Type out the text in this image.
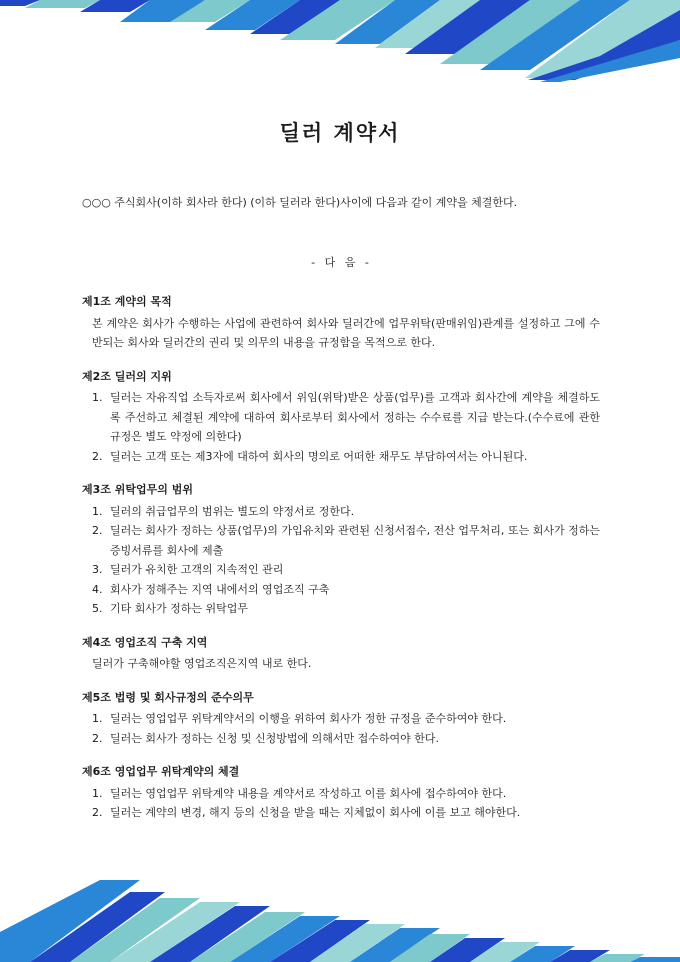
딜러 계약서

○○○ 주식회사(이하 회사라 한다) (이하 딜러라 한다)사이에 다음과 같이 계약을 체결한다.

- 다 음 -

제1조 계약의 목적

본 계약은 회사가 수행하는 사업에 관련하여 회사와 딜러간에 업무위탁(판매위임)관계를 설정하고 그에 수반되는 회사와 딜러간의 권리 및 의무의 내용을 규정함을 목적으로 한다.

제2조 딜러의 지위
1. 딜러는 자유직업 소득자로써 회사에서 위임(위탁)받은 상품(업무)를 고객과 회사간에 계약을 체결하도록 주선하고 체결된 계약에 대하여 회사로부터 회사에서 정하는 수수료를 지급 받는다.(수수료에 관한 규정은 별도 약정에 의한다)
2. 딜러는 고객 또는 제3자에 대하여 회사의 명의로 어떠한 채무도 부담하여서는 아니된다.
제3조 위탁업무의 범위
1. 딜러의 취급업무의 범위는 별도의 약정서로 정한다.
2. 딜러는 회사가 정하는 상품(업무)의 가입유치와 관련된 신청서접수, 전산 업무처리, 또는 회사가 정하는 증빙서류를 회사에 제출
3. 딜러가 유치한 고객의 지속적인 관리
4. 회사가 정해주는 지역 내에서의 영업조직 구축
5. 기타 회사가 정하는 위탁업무
제4조 영업조직 구축 지역

딜러가 구축해야할 영업조직은지역 내로 한다.

제5조 법령 및 회사규정의 준수의무
1. 딜러는 영업업무 위탁계약서의 이행을 위하여 회사가 정한 규정을 준수하여야 한다.
2. 딜러는 회사가 정하는 신청 및 신청방법에 의해서만 접수하여야 한다.
제6조 영업업무 위탁계약의 체결
1. 딜러는 영업업무 위탁계약 내용을 계약서로 작성하고 이를 회사에 접수하여야 한다.
2. 딜러는 계약의 변경, 해지 등의 신청을 받을 때는 지체없이 회사에 이를 보고 해야한다.
